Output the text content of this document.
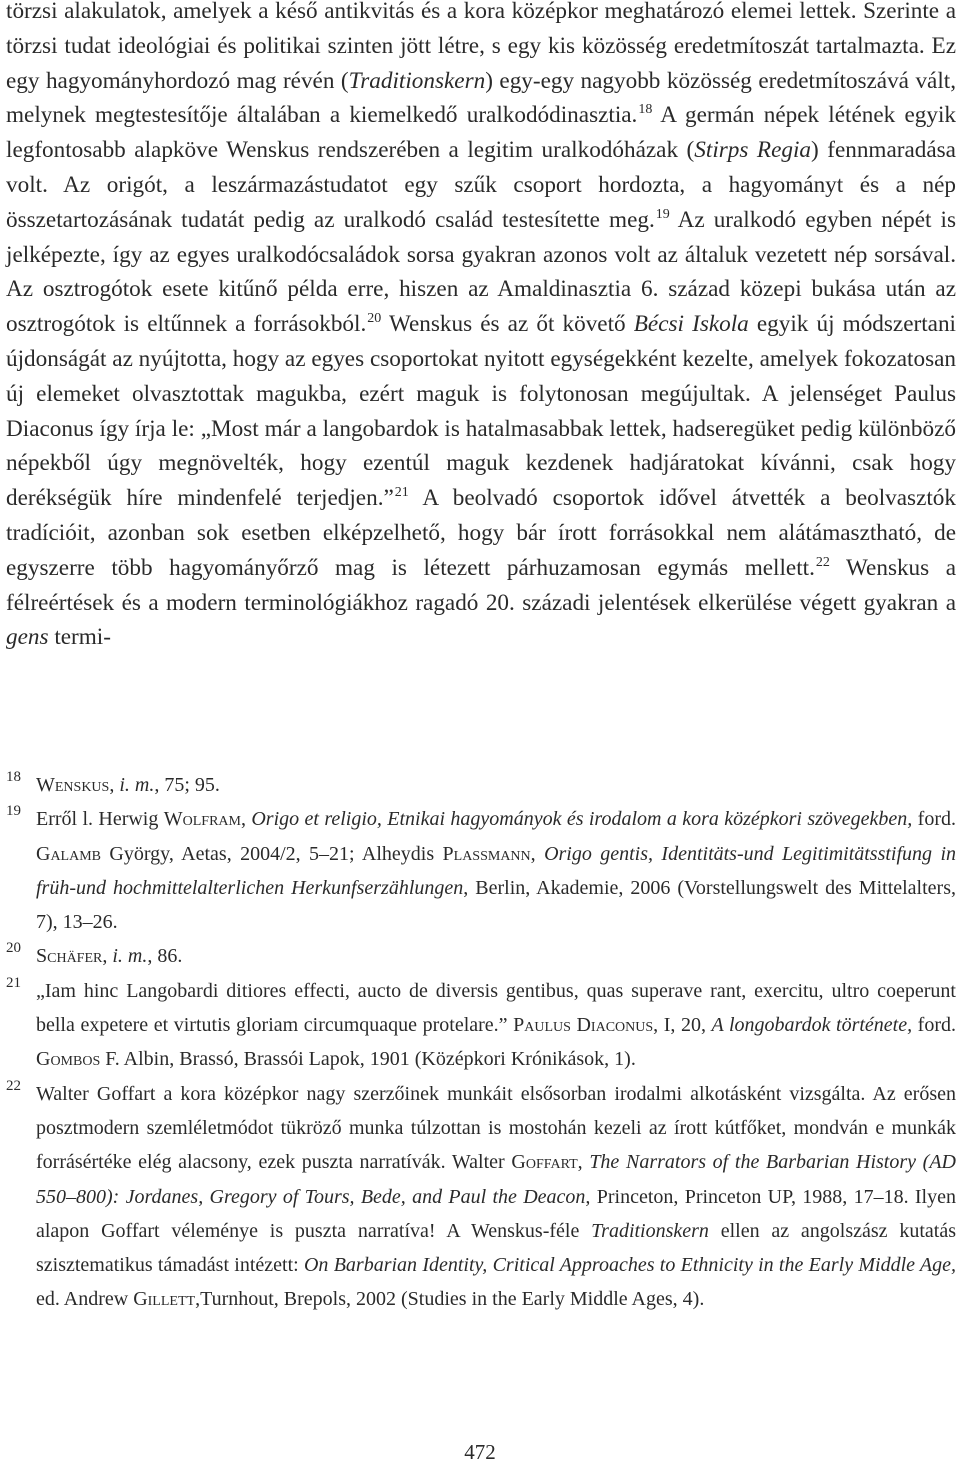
törzsi alakulatok, amelyek a késő antikvitás és a kora középkor meghatározó elemei lettek. Szerinte a törzsi tudat ideológiai és politikai szinten jött létre, s egy kis közösség eredetmítoszát tartalmazta. Ez egy hagyományhordozó mag révén (Traditionskern) egy-egy nagyobb közösség eredetmítoszává vált, melynek megtestesítője általában a kiemelkedő uralkodódinasztia.$^{18}$ A germán népek létének egyik legfontosabb alapköve Wenskus rendszerében a legitim uralkodóházak (Stirps Regia) fennmaradása volt. Az origót, a leszármazástudatot egy szűk csoport hordozta, a hagyományt és a nép összetartozásának tudatát pedig az uralkodó család testesítette meg.$^{19}$ Az uralkodó egyben népét is jelképezte, így az egyes uralkodócsaládok sorsa gyakran azonos volt az általuk vezetett nép sorsával. Az osztrogótok esete kitűnő példa erre, hiszen az Amaldinasztia 6. század közepi bukása után az osztrogótok is eltűnnek a forrásokból.$^{20}$ Wenskus és az őt követő Bécsi Iskola egyik új módszertani újdonságát az nyújtotta, hogy az egyes csoportokat nyitott egységekként kezelte, amelyek fokozatosan új elemeket olvasztottak magukba, ezért maguk is folytonosan megújultak. A jelenséget Paulus Diaconus így írja le: „Most már a langobardok is hatalmasabbak lettek, hadseregüket pedig különböző népekből úgy megnövelték, hogy ezentúl maguk kezdenek hadjáratokat kívánni, csak hogy derékségük híre mindenfelé terjedjen.”$^{21}$ A beolvadó csoportok idővel átvették a beolvasztók tradícióit, azonban sok esetben elképzelhető, hogy bár írott forrásokkal nem alátámasztható, de egyszerre több hagyományőrző mag is létezett párhuzamosan egymás mellett.$^{22}$ Wenskus a félreértések és a modern terminológiákhoz ragadó 20. századi jelentések elkerülése végett gyakran a gens termi-

18 Wenskus, i. m., 75; 95.
19 Erről l. Herwig Wolfram, Origo et religio, Etnikai hagyományok és irodalom a kora középkori szövegekben, ford. Galamb György, Aetas, 2004/2, 5–21; Alheydis Plassmann, Origo gentis, Identitäts-und Legitimitätsstifung in früh-und hochmittelalterlichen Herkunfserzählungen, Berlin, Akademie, 2006 (Vorstellungswelt des Mittelalters, 7), 13–26.
20 Schäfer, i. m., 86.
21 „Iam hinc Langobardi ditiores effecti, aucto de diversis gentibus, quas superave rant, exercitu, ultro coeperunt bella expetere et virtutis gloriam circumquaque protelare.” Paulus Diaconus, I, 20, A longobardok története, ford. Gombos F. Albin, Brassó, Brassói Lapok, 1901 (Középkori Krónikások, 1).
22 Walter Goffart a kora középkor nagy szerzőinek munkáit elsősorban irodalmi alkotásként vizsgálta. Az erősen posztmodern szemléletmódot tükröző munka túlzottan is mostohán kezeli az írott kútfőket, mondván e munkák forrásértéke elég alacsony, ezek puszta narratívák. Walter Goffart, The Narrators of the Barbarian History (AD 550–800): Jordanes, Gregory of Tours, Bede, and Paul the Deacon, Princeton, Princeton UP, 1988, 17–18. Ilyen alapon Goffart véleménye is puszta narratíva! A Wenskus-féle Traditionskern ellen az angolszász kutatás szisztematikus támadást intézett: On Barbarian Identity, Critical Approaches to Ethnicity in the Early Middle Age, ed. Andrew Gillett,Turnhout, Brepols, 2002 (Studies in the Early Middle Ages, 4).
472
